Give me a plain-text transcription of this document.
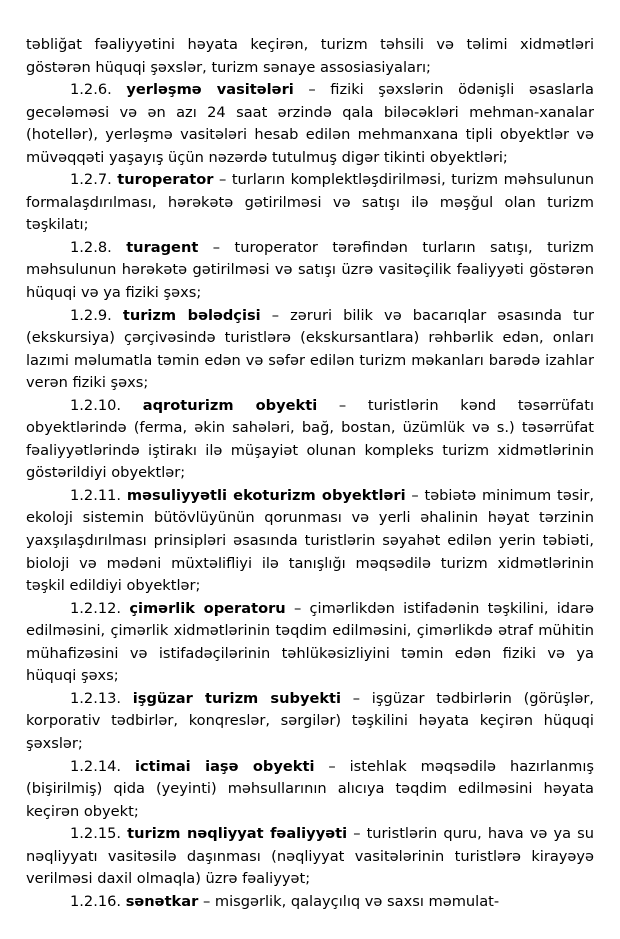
təbliğat fəaliyyətini həyata keçirən, turizm təhsili və təlimi xidmətləri göstərən hüquqi şəxslər, turizm sənaye assosiasiyaları;

1.2.6. yerləşmə vasitələri – fiziki şəxslərin ödənişli əsaslarla gecələməsi və ən azı 24 saat ərzində qala biləcəkləri mehman-xanalar (hotellər), yerləşmə vasitələri hesab edilən mehmanxana tipli obyektlər və müvəqqəti yaşayış üçün nəzərdə tutulmuş digər tikinti obyektləri;

1.2.7. turoperator – turların komplektləşdirilməsi, turizm məhsulunun formalaşdırılması, hərəkətə gətirilməsi və satışı ilə məşğul olan turizm təşkilatı;

1.2.8. turagent – turoperator tərəfindən turların satışı, turizm məhsulunun hərəkətə gətirilməsi və satışı üzrə vasitəçilik fəaliyyəti göstərən hüquqi və ya fiziki şəxs;

1.2.9. turizm bələdçisi – zəruri bilik və bacarıqlar əsasında tur (ekskursiya) çərçivəsində turistlərə (ekskursantlara) rəhbərlik edən, onları lazımi məlumatla təmin edən və səfər edilən turizm məkanları barədə izahlar verən fiziki şəxs;

1.2.10. aqroturizm obyekti – turistlərin kənd təsərrüfatı obyektlərində (ferma, əkin sahələri, bağ, bostan, üzümlük və s.) təsərrüfat fəaliyyətlərində iştirakı ilə müşayiət olunan kompleks turizm xidmətlərinin göstərildiyi obyektlər;

1.2.11. məsuliyyətli ekoturizm obyektləri – təbiətə minimum təsir, ekoloji sistemin bütövlüyünün qorunması və yerli əhalinin həyat tərzinin yaxşılaşdırılması prinsipləri əsasında turistlərin səyahət edilən yerin təbiəti, bioloji və mədəni müxtəlifliyi ilə tanışlığı məqsədilə turizm xidmətlərinin təşkil edildiyi obyektlər;

1.2.12. çimərlik operatoru – çimərlikdən istifadənin təşkilini, idarə edilməsini, çimərlik xidmətlərinin təqdim edilməsini, çimərlikdə ətraf mühitin mühafizəsini və istifadəçilərinin təhlükəsizliyini təmin edən fiziki və ya hüquqi şəxs;

1.2.13. işgüzar turizm subyekti – işgüzar tədbirlərin (görüşlər, korporativ tədbirlər, konqreslər, sərgilər) təşkilini həyata keçirən hüquqi şəxslər;

1.2.14. ictimai iaşə obyekti – istehlak məqsədilə hazırlanmış (bişirilmiş) qida (yeyinti) məhsullarının alıcıya təqdim edilməsini həyata keçirən obyekt;

1.2.15. turizm nəqliyyat fəaliyyəti – turistlərin quru, hava və ya su nəqliyyatı vasitəsilə daşınması (nəqliyyat vasitələrinin turistlərə kirayəyə verilməsi daxil olmaqla) üzrə fəaliyyət;

1.2.16. sənətkar – misgərlik, qalayçılıq və saxsı məmulat-
